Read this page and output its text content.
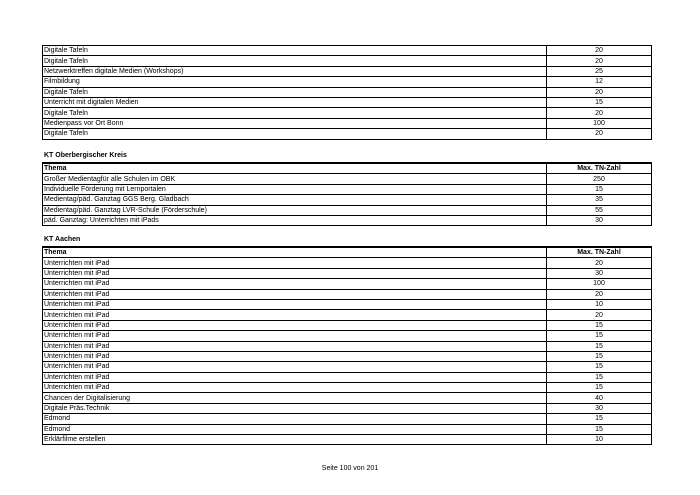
Digitale Tafeln	20
Digitale Tafeln	20
Netzwerktreffen digitale Medien (Workshops)	25
Filmbildung	12
Digitale Tafeln	20
Unterricht mit digitalen Medien	15
Digitale Tafeln	20
Medienpass vor Ort Bonn	100
Digitale Tafeln	20
KT Oberbergischer Kreis
Thema	Max. TN-Zahl
Großer Medientagfür alle Schulen im OBK	250
Individuelle Förderung mit Lernportalen	15
Medientag/päd. Ganztag GGS Berg. Gladbach	35
Medientag/päd. Ganztag LVR-Schule (Förderschule)	55
päd. Ganztag: Unterrichten mit iPads	30
KT Aachen
Thema	Max. TN-Zahl
Unterrichten mit iPad	20
Unterrichten mit iPad	30
Unterrichten mit iPad	100
Unterrichten mit iPad	20
Unterrichten mit iPad	10
Unterrichten mit iPad	20
Unterrichten mit iPad	15
Unterrichten mit iPad	15
Unterrichten mit iPad	15
Unterrichten mit iPad	15
Unterrichten mit iPad	15
Unterrichten mit iPad	15
Unterrichten mit iPad	15
Chancen der Digitalisierung	40
Digitale Präs.Technik	30
Edmond	15
Edmond	15
Erklärfilme erstellen	10
Seite 100 von 201
